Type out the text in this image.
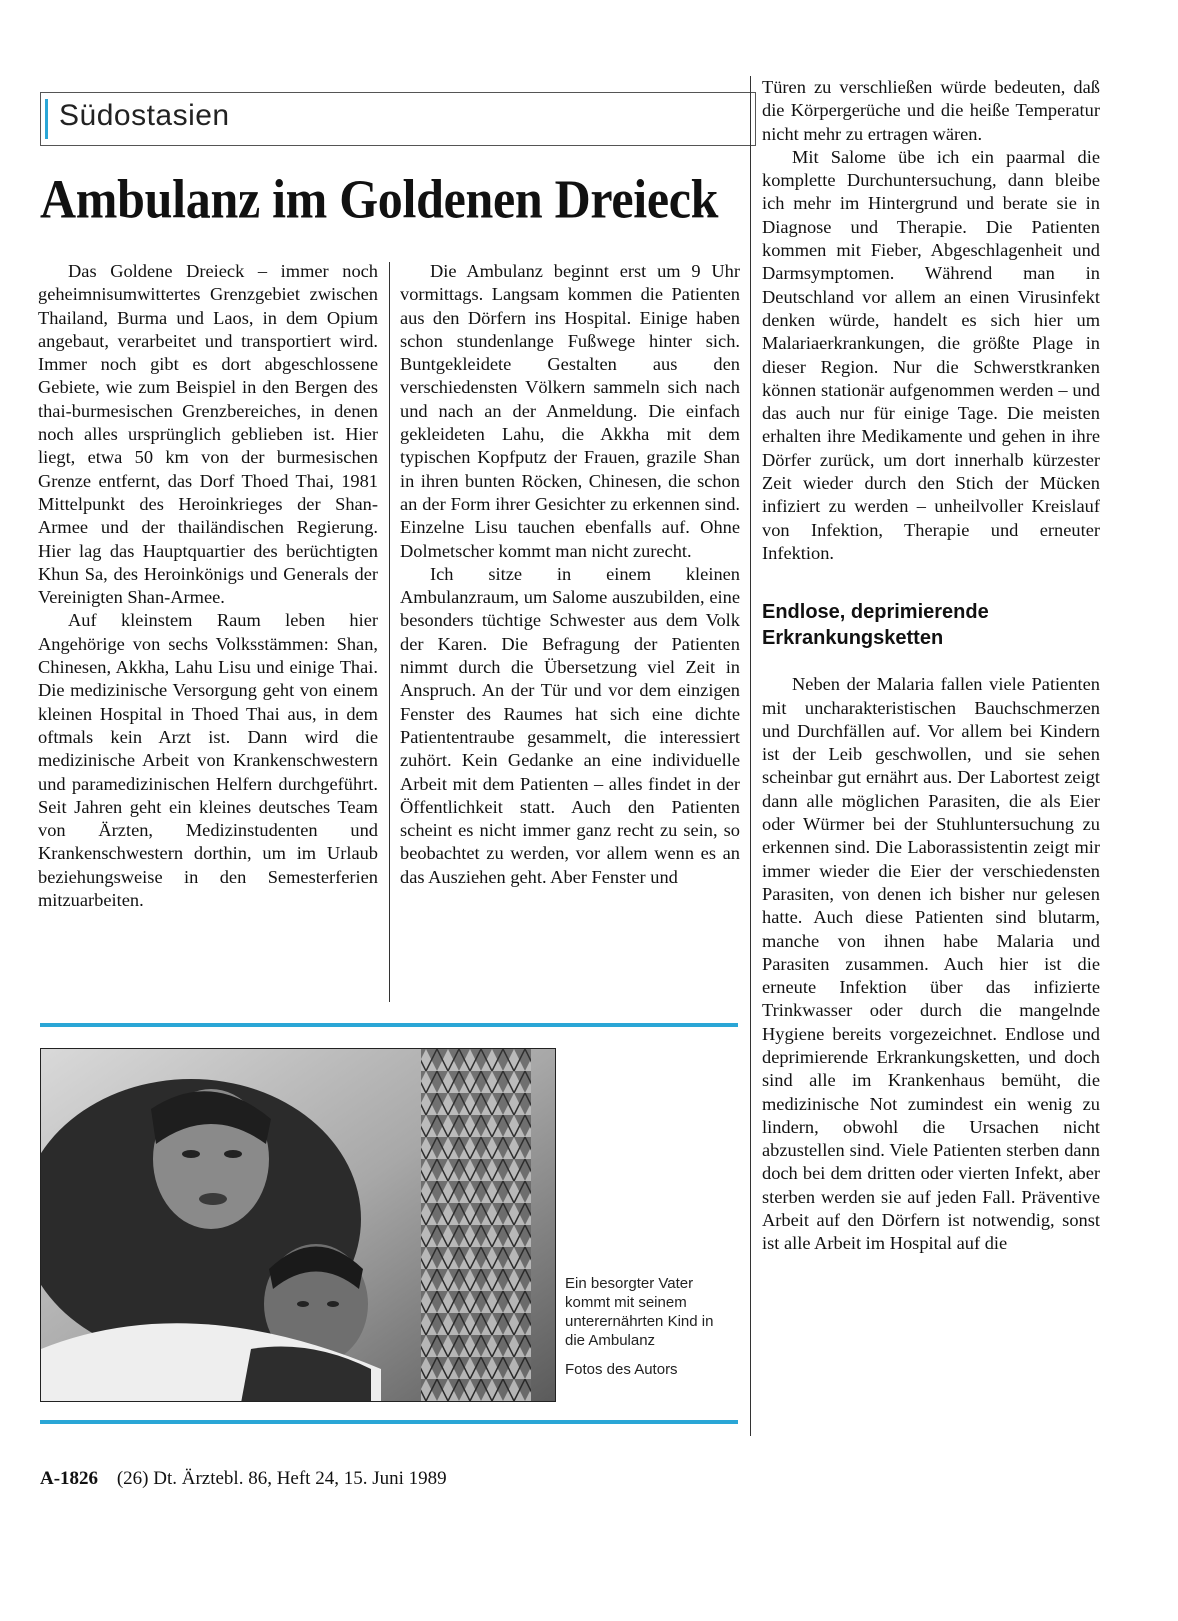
Südostasien
Ambulanz im Goldenen Dreieck

Das Goldene Dreieck – immer noch geheimnisumwittertes Grenzgebiet zwischen Thailand, Burma und Laos, in dem Opium angebaut, verarbeitet und transportiert wird. Immer noch gibt es dort abgeschlossene Gebiete, wie zum Beispiel in den Bergen des thai-burmesischen Grenzbereiches, in denen noch alles ursprünglich geblieben ist. Hier liegt, etwa 50 km von der burmesischen Grenze entfernt, das Dorf Thoed Thai, 1981 Mittelpunkt des Heroinkrieges der Shan-Armee und der thailändischen Regierung. Hier lag das Hauptquartier des berüchtigten Khun Sa, des Heroinkönigs und Generals der Vereinigten Shan-Armee.

Auf kleinstem Raum leben hier Angehörige von sechs Volksstämmen: Shan, Chinesen, Akkha, Lahu Lisu und einige Thai. Die medizinische Versorgung geht von einem kleinen Hospital in Thoed Thai aus, in dem oftmals kein Arzt ist. Dann wird die medizinische Arbeit von Krankenschwestern und paramedizinischen Helfern durchgeführt. Seit Jahren geht ein kleines deutsches Team von Ärzten, Medizinstudenten und Krankenschwestern dorthin, um im Urlaub beziehungsweise in den Semesterferien mitzuarbeiten.

Die Ambulanz beginnt erst um 9 Uhr vormittags. Langsam kommen die Patienten aus den Dörfern ins Hospital. Einige haben schon stundenlange Fußwege hinter sich. Buntgekleidete Gestalten aus den verschiedensten Völkern sammeln sich nach und nach an der Anmeldung. Die einfach gekleideten Lahu, die Akkha mit dem typischen Kopfputz der Frauen, grazile Shan in ihren bunten Röcken, Chinesen, die schon an der Form ihrer Gesichter zu erkennen sind. Einzelne Lisu tauchen ebenfalls auf. Ohne Dolmetscher kommt man nicht zurecht.

Ich sitze in einem kleinen Ambulanzraum, um Salome auszubilden, eine besonders tüchtige Schwester aus dem Volk der Karen. Die Befragung der Patienten nimmt durch die Übersetzung viel Zeit in Anspruch. An der Tür und vor dem einzigen Fenster des Raumes hat sich eine dichte Patiententraube gesammelt, die interessiert zuhört. Kein Gedanke an eine individuelle Arbeit mit dem Patienten – alles findet in der Öffentlichkeit statt. Auch den Patienten scheint es nicht immer ganz recht zu sein, so beobachtet zu werden, vor allem wenn es an das Ausziehen geht. Aber Fenster und

Türen zu verschließen würde bedeuten, daß die Körpergerüche und die heiße Temperatur nicht mehr zu ertragen wären.

Mit Salome übe ich ein paarmal die komplette Durchuntersuchung, dann bleibe ich mehr im Hintergrund und berate sie in Diagnose und Therapie. Die Patienten kommen mit Fieber, Abgeschlagenheit und Darmsymptomen. Während man in Deutschland vor allem an einen Virusinfekt denken würde, handelt es sich hier um Malariaerkrankungen, die größte Plage in dieser Region. Nur die Schwerstkranken können stationär aufgenommen werden – und das auch nur für einige Tage. Die meisten erhalten ihre Medikamente und gehen in ihre Dörfer zurück, um dort innerhalb kürzester Zeit wieder durch den Stich der Mücken infiziert zu werden – unheilvoller Kreislauf von Infektion, Therapie und erneuter Infektion.

Endlose, deprimierende Erkrankungsketten

Neben der Malaria fallen viele Patienten mit uncharakteristischen Bauchschmerzen und Durchfällen auf. Vor allem bei Kindern ist der Leib geschwollen, und sie sehen scheinbar gut ernährt aus. Der Labortest zeigt dann alle möglichen Parasiten, die als Eier oder Würmer bei der Stuhluntersuchung zu erkennen sind. Die Laborassistentin zeigt mir immer wieder die Eier der verschiedensten Parasiten, von denen ich bisher nur gelesen hatte. Auch diese Patienten sind blutarm, manche von ihnen habe Malaria und Parasiten zusammen. Auch hier ist die erneute Infektion über das infizierte Trinkwasser oder durch die mangelnde Hygiene bereits vorgezeichnet. Endlose und deprimierende Erkrankungsketten, und doch sind alle im Krankenhaus bemüht, die medizinische Not zumindest ein wenig zu lindern, obwohl die Ursachen nicht abzustellen sind. Viele Patienten sterben dann doch bei dem dritten oder vierten Infekt, aber sterben werden sie auf jeden Fall. Präventive Arbeit auf den Dörfern ist notwendig, sonst ist alle Arbeit im Hospital auf die

Ein besorgter Vater kommt mit seinem unterernährten Kind in die Ambulanz
Fotos des Autors
A-1826 (26) Dt. Ärztebl. 86, Heft 24, 15. Juni 1989
